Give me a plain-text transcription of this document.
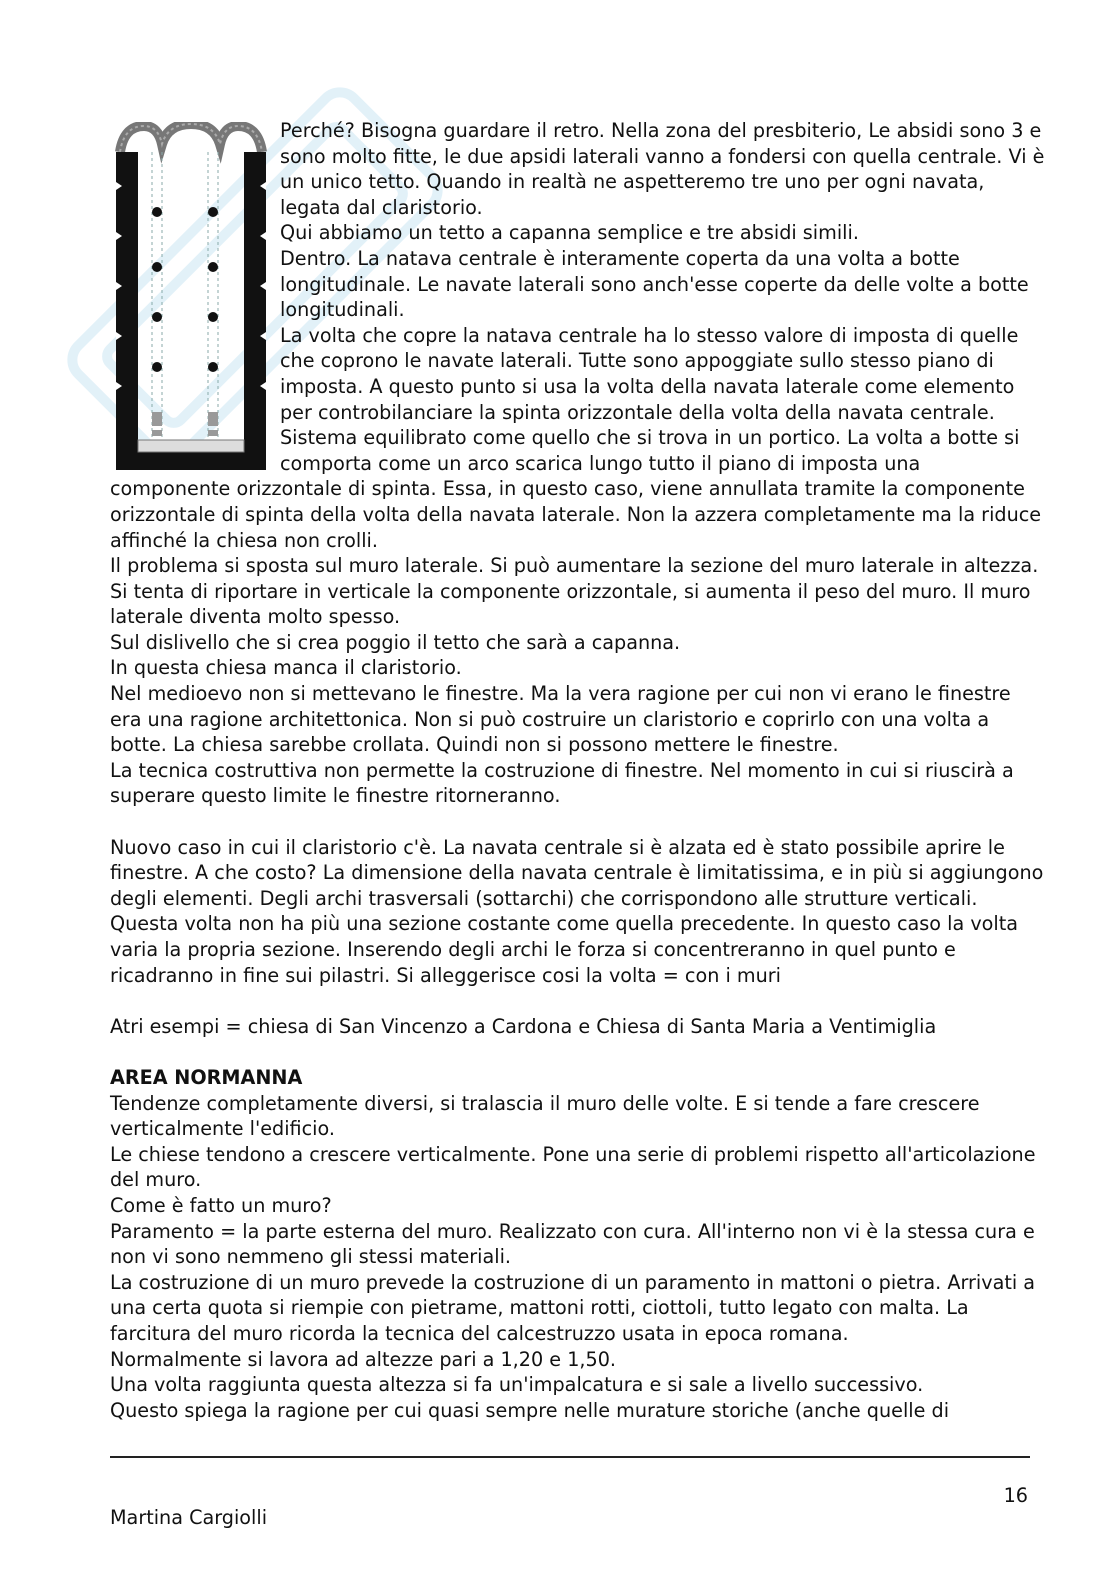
Perché? Bisogna guardare il retro. Nella zona del presbiterio, Le absidi sono 3 e sono molto fitte, le due apsidi laterali vanno a fondersi con quella centrale. Vi è un unico tetto. Quando in realtà ne aspetteremo tre uno per ogni navata, legata dal claristorio.

Qui abbiamo un tetto a capanna semplice e tre absidi simili.

Dentro. La natava centrale è interamente coperta da una volta a botte longitudinale. Le navate laterali sono anch'esse coperte da delle volte a botte longitudinali.

La volta che copre la natava centrale ha lo stesso valore di imposta di quelle che coprono le navate laterali. Tutte sono appoggiate sullo stesso piano di imposta. A questo punto si usa la volta della navata laterale come elemento per controbilanciare la spinta orizzontale della volta della navata centrale. Sistema equilibrato come quello che si trova in un portico. La volta a botte si comporta come un arco scarica lungo tutto il piano di imposta una componente orizzontale di spinta. Essa, in questo caso, viene annullata tramite la componente orizzontale di spinta della volta della navata laterale. Non la azzera completamente ma la riduce affinché la chiesa non crolli.

Il problema si sposta sul muro laterale. Si può aumentare la sezione del muro laterale in altezza. Si tenta di riportare in verticale la componente orizzontale, si aumenta il peso del muro. Il muro laterale diventa molto spesso.

Sul dislivello che si crea poggio il tetto che sarà a capanna.

In questa chiesa manca il claristorio.

Nel medioevo non si mettevano le finestre. Ma la vera ragione per cui non vi erano le finestre era una ragione architettonica. Non si può costruire un claristorio e coprirlo con una volta a botte. La chiesa sarebbe crollata. Quindi non si possono mettere le finestre.

La tecnica costruttiva non permette la costruzione di finestre. Nel momento in cui si riuscirà a superare questo limite le finestre ritorneranno.

Nuovo caso in cui il claristorio c'è. La navata centrale si è alzata ed è stato possibile aprire le finestre. A che costo? La dimensione della navata centrale è limitatissima, e in più si aggiungono degli elementi. Degli archi trasversali (sottarchi) che corrispondono alle strutture verticali. Questa volta non ha più una sezione costante come quella precedente. In questo caso la volta varia la propria sezione. Inserendo degli archi le forza si concentreranno in quel punto e ricadranno in fine sui pilastri. Si alleggerisce cosi la volta = con i muri

Atri esempi = chiesa di San Vincenzo a Cardona e Chiesa di Santa Maria a Ventimiglia

AREA NORMANNA

Tendenze completamente diversi, si tralascia il muro delle volte. E si tende a fare crescere verticalmente l'edificio.

Le chiese tendono a crescere verticalmente. Pone una serie di problemi rispetto all'articolazione del muro.

Come è fatto un muro?

Paramento = la parte esterna del muro. Realizzato con cura. All'interno non vi è la stessa cura e non vi sono nemmeno gli stessi materiali.

La costruzione di un muro prevede la costruzione di un paramento in mattoni o pietra. Arrivati a una certa quota si riempie con pietrame, mattoni rotti, ciottoli, tutto legato con malta. La farcitura del muro ricorda la tecnica del calcestruzzo usata in epoca romana.

Normalmente si lavora ad altezze pari a 1,20 e 1,50.

Una volta raggiunta questa altezza si fa un'impalcatura e si sale a livello successivo.

Questo spiega la ragione per cui quasi sempre nelle murature storiche (anche quelle di

16
Martina Cargiolli
